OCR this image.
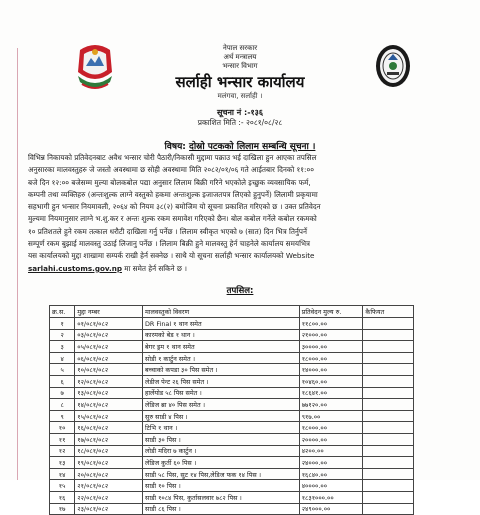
नेपाल सरकार
अर्थ मन्त्रालय
भन्सार विभाग
सर्लाही भन्सार कार्यालय
मलंगवा, सर्लाही ।
सूचना नं :-१३६
प्रकाशित मिति :- २०८१/०८/२८
विषय: दोस्रो पटकको लिलाम सम्बन्धि सूचना ।
विभिन्न निकायको प्रतिवेदनबाट अवैध भन्सार चोरी पैठारी/निकासी मुद्दामा पक्राउ भई दाखिला हुन आएका तपसिल
अनुसारका मालवस्तुहरु जे जस्तो अवस्थामा छ सोही अवस्थामा मिति २०८२/०१/०६ गते आईतबार दिनको ११:००
बजे दिन १२:०० बजेसम्म मुल्या बोलकबोल पद्या अनुसार लिलाम बिक्री गरिने भएकोले इच्छुक व्यवसायिक फर्म,
कम्पनी तथा व्यक्तिहरु (अन्तःशुल्क लाग्ने वस्तुको हकमा अन्तःशुल्क इजाजतपत्र लिएको हुनुपर्ने) लिलामी प्रकृयामा
सहभागी हुन भन्सार नियमावली, २०६४ को नियम ३८(२) बमोजिम यो सूचना प्रकाशित गरिएको छ । उक्त प्रतिवेदन
मुल्यमा नियमानुसार लाग्ने भ.शु.कर र अन्तः शुल्क रकम समावेश गरिएको छैन। बोल कबोल गर्नेले कबोल रकमको
१० प्रतिशतले हुने रकम तत्काल धरौटी दाखिला गर्नु पर्नेछ । लिलाम स्वीकृत भएको ७ (सात) दिन भित्र तिर्नुपर्ने
सम्पूर्ण रकम बुझाई मालवस्तु उठाई लिजानु पर्नेछ । लिलाम बिक्री हुने मालवस्तु हेर्न चाहनेले कार्यालय समयभित्र
यस कार्यालयको मुद्दा शाखामा सम्पर्क राखी हेर्न सक्नेछ । साथै यो सूचना सर्लाही भन्सार कार्यालयको Website
sarlahi.customs.gov.np मा समेत हेर्न सकिने छ ।
तपसिल:
क्र.स.	मुद्दा नम्बर	मालवस्तुको विवरण	प्रतिवेदन मुल्य रु.	कैफियत
१	०१/०८१/०८२	DR Final १ थान समेत	११८००.००	
२	०३/०८१/०८२	कारमको बेड १ थान ।	२१०००.००	
३	०५/०८१/०८२	बेगर ड्रम १ थान समेत	३००००.००	
४	०६/०८१/०८२	सोडी १ कार्टुन समेत ।	१८०००.००	
५	१०/०८१/०८२	बच्चाको कपडा ३० पिस समेत ।	१४०००.००	
६	१२/०८१/०८२	लेडीज पेन्ट २६ पिस समेत ।	१०४६०.००	
७	१३/०८१/०८२	हार्लेयोड ५८ पिस समेत ।	१८६४१.००	
८	१४/०८१/०८२	लेडिज ब्रा ४० पिस समेत ।	७७१२०.००	
९	१५/०८१/०८२	सुरु साडी ४ पिस ।	९१७.००	
१०	१६/०८१/०८२	टिभि १ थान ।	१८०००.००	
११	१७/०८१/०८२	साडी ३० पिस ।	२००००.००	
१२	१८/०८१/०८२	लोडी मदिरा ७ कार्टुन ।	४२००.००	
१३	१९/०८१/०८२	लेडिज कुर्ती ६० पिस ।	२४०००.००	
१४	२०/०८१/०८२	साडी ५८ पिस, सुट १४ पिस,लेडिज फक १४ पिस ।	१६८४०.००	
१५	२१/०८१/०८२	साडी १० पिस ।	४००००.००	
१६	२२/०८१/०८२	साडी १०८४ पिस, कुर्तासलवार ७८२ पिस ।	१८३१०००.००	
१७	२३/०८१/०८२	साडी ८६ पिस ।	२४९०००.००	
